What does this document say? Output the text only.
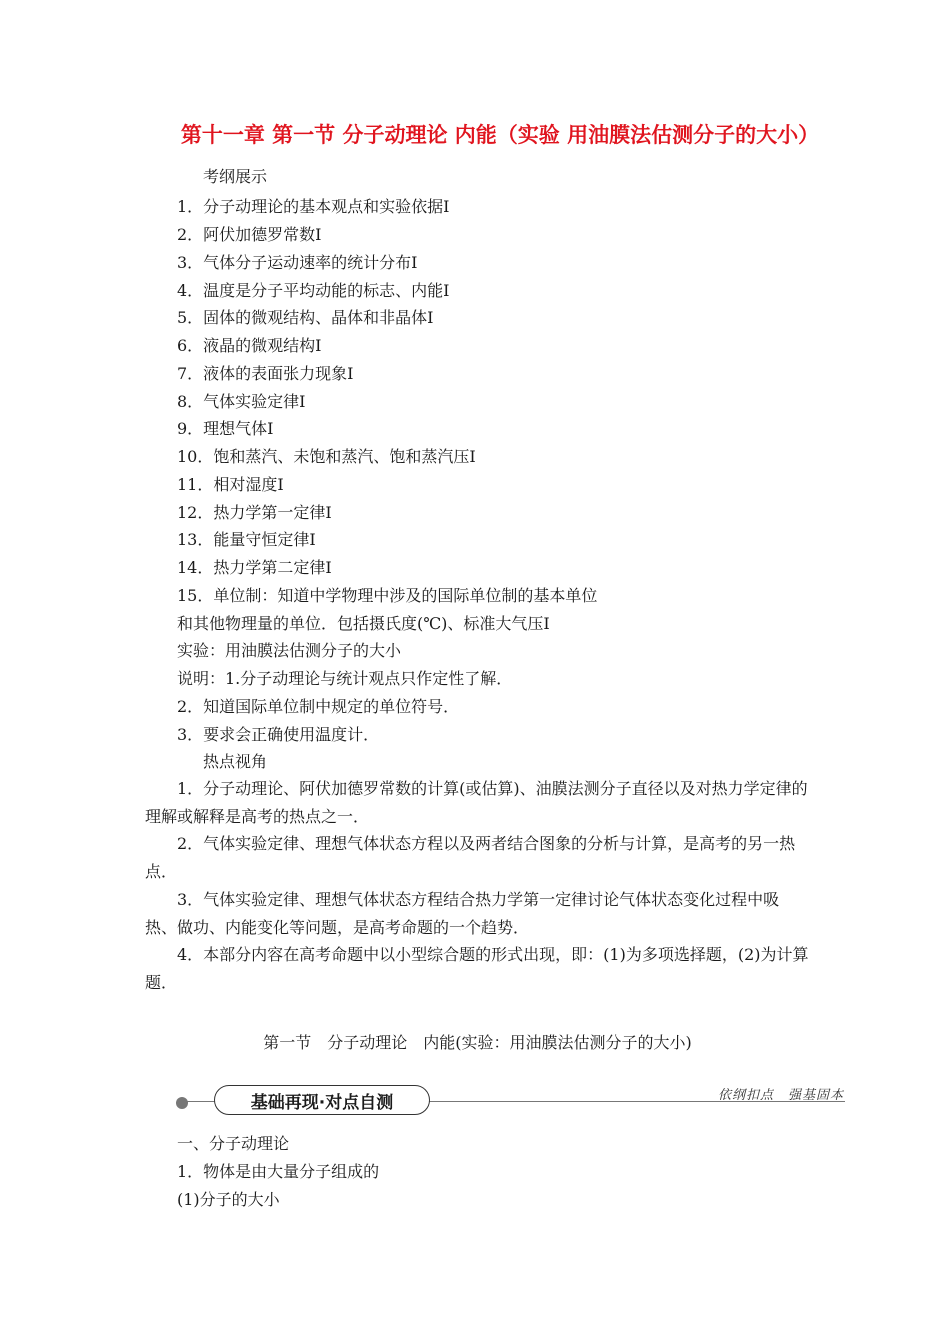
第十一章 第一节 分子动理论 内能（实验 用油膜法估测分子的大小）
考纲展示
1．分子动理论的基本观点和实验依据Ⅰ
2．阿伏加德罗常数Ⅰ
3．气体分子运动速率的统计分布Ⅰ
4．温度是分子平均动能的标志、内能Ⅰ
5．固体的微观结构、晶体和非晶体Ⅰ
6．液晶的微观结构Ⅰ
7．液体的表面张力现象Ⅰ
8．气体实验定律Ⅰ
9．理想气体Ⅰ
10．饱和蒸汽、未饱和蒸汽、饱和蒸汽压Ⅰ
11．相对湿度Ⅰ
12．热力学第一定律Ⅰ
13．能量守恒定律Ⅰ
14．热力学第二定律Ⅰ
15．单位制：知道中学物理中涉及的国际单位制的基本单位
和其他物理量的单位．包括摄氏度(℃)、标准大气压Ⅰ
实验：用油膜法估测分子的大小
说明：1.分子动理论与统计观点只作定性了解．
2．知道国际单位制中规定的单位符号．
3．要求会正确使用温度计．
热点视角
1．分子动理论、阿伏加德罗常数的计算(或估算)、油膜法测分子直径以及对热力学定律的理解或解释是高考的热点之一．
2．气体实验定律、理想气体状态方程以及两者结合图象的分析与计算，是高考的另一热点．
3．气体实验定律、理想气体状态方程结合热力学第一定律讨论气体状态变化过程中吸热、做功、内能变化等问题，是高考命题的一个趋势．
4．本部分内容在高考命题中以小型综合题的形式出现，即：(1)为多项选择题，(2)为计算题．
第一节　分子动理论　内能(实验：用油膜法估测分子的大小)
基础再现·对点自测	依纲扣点　强基固本
一、分子动理论
1．物体是由大量分子组成的
(1)分子的大小
